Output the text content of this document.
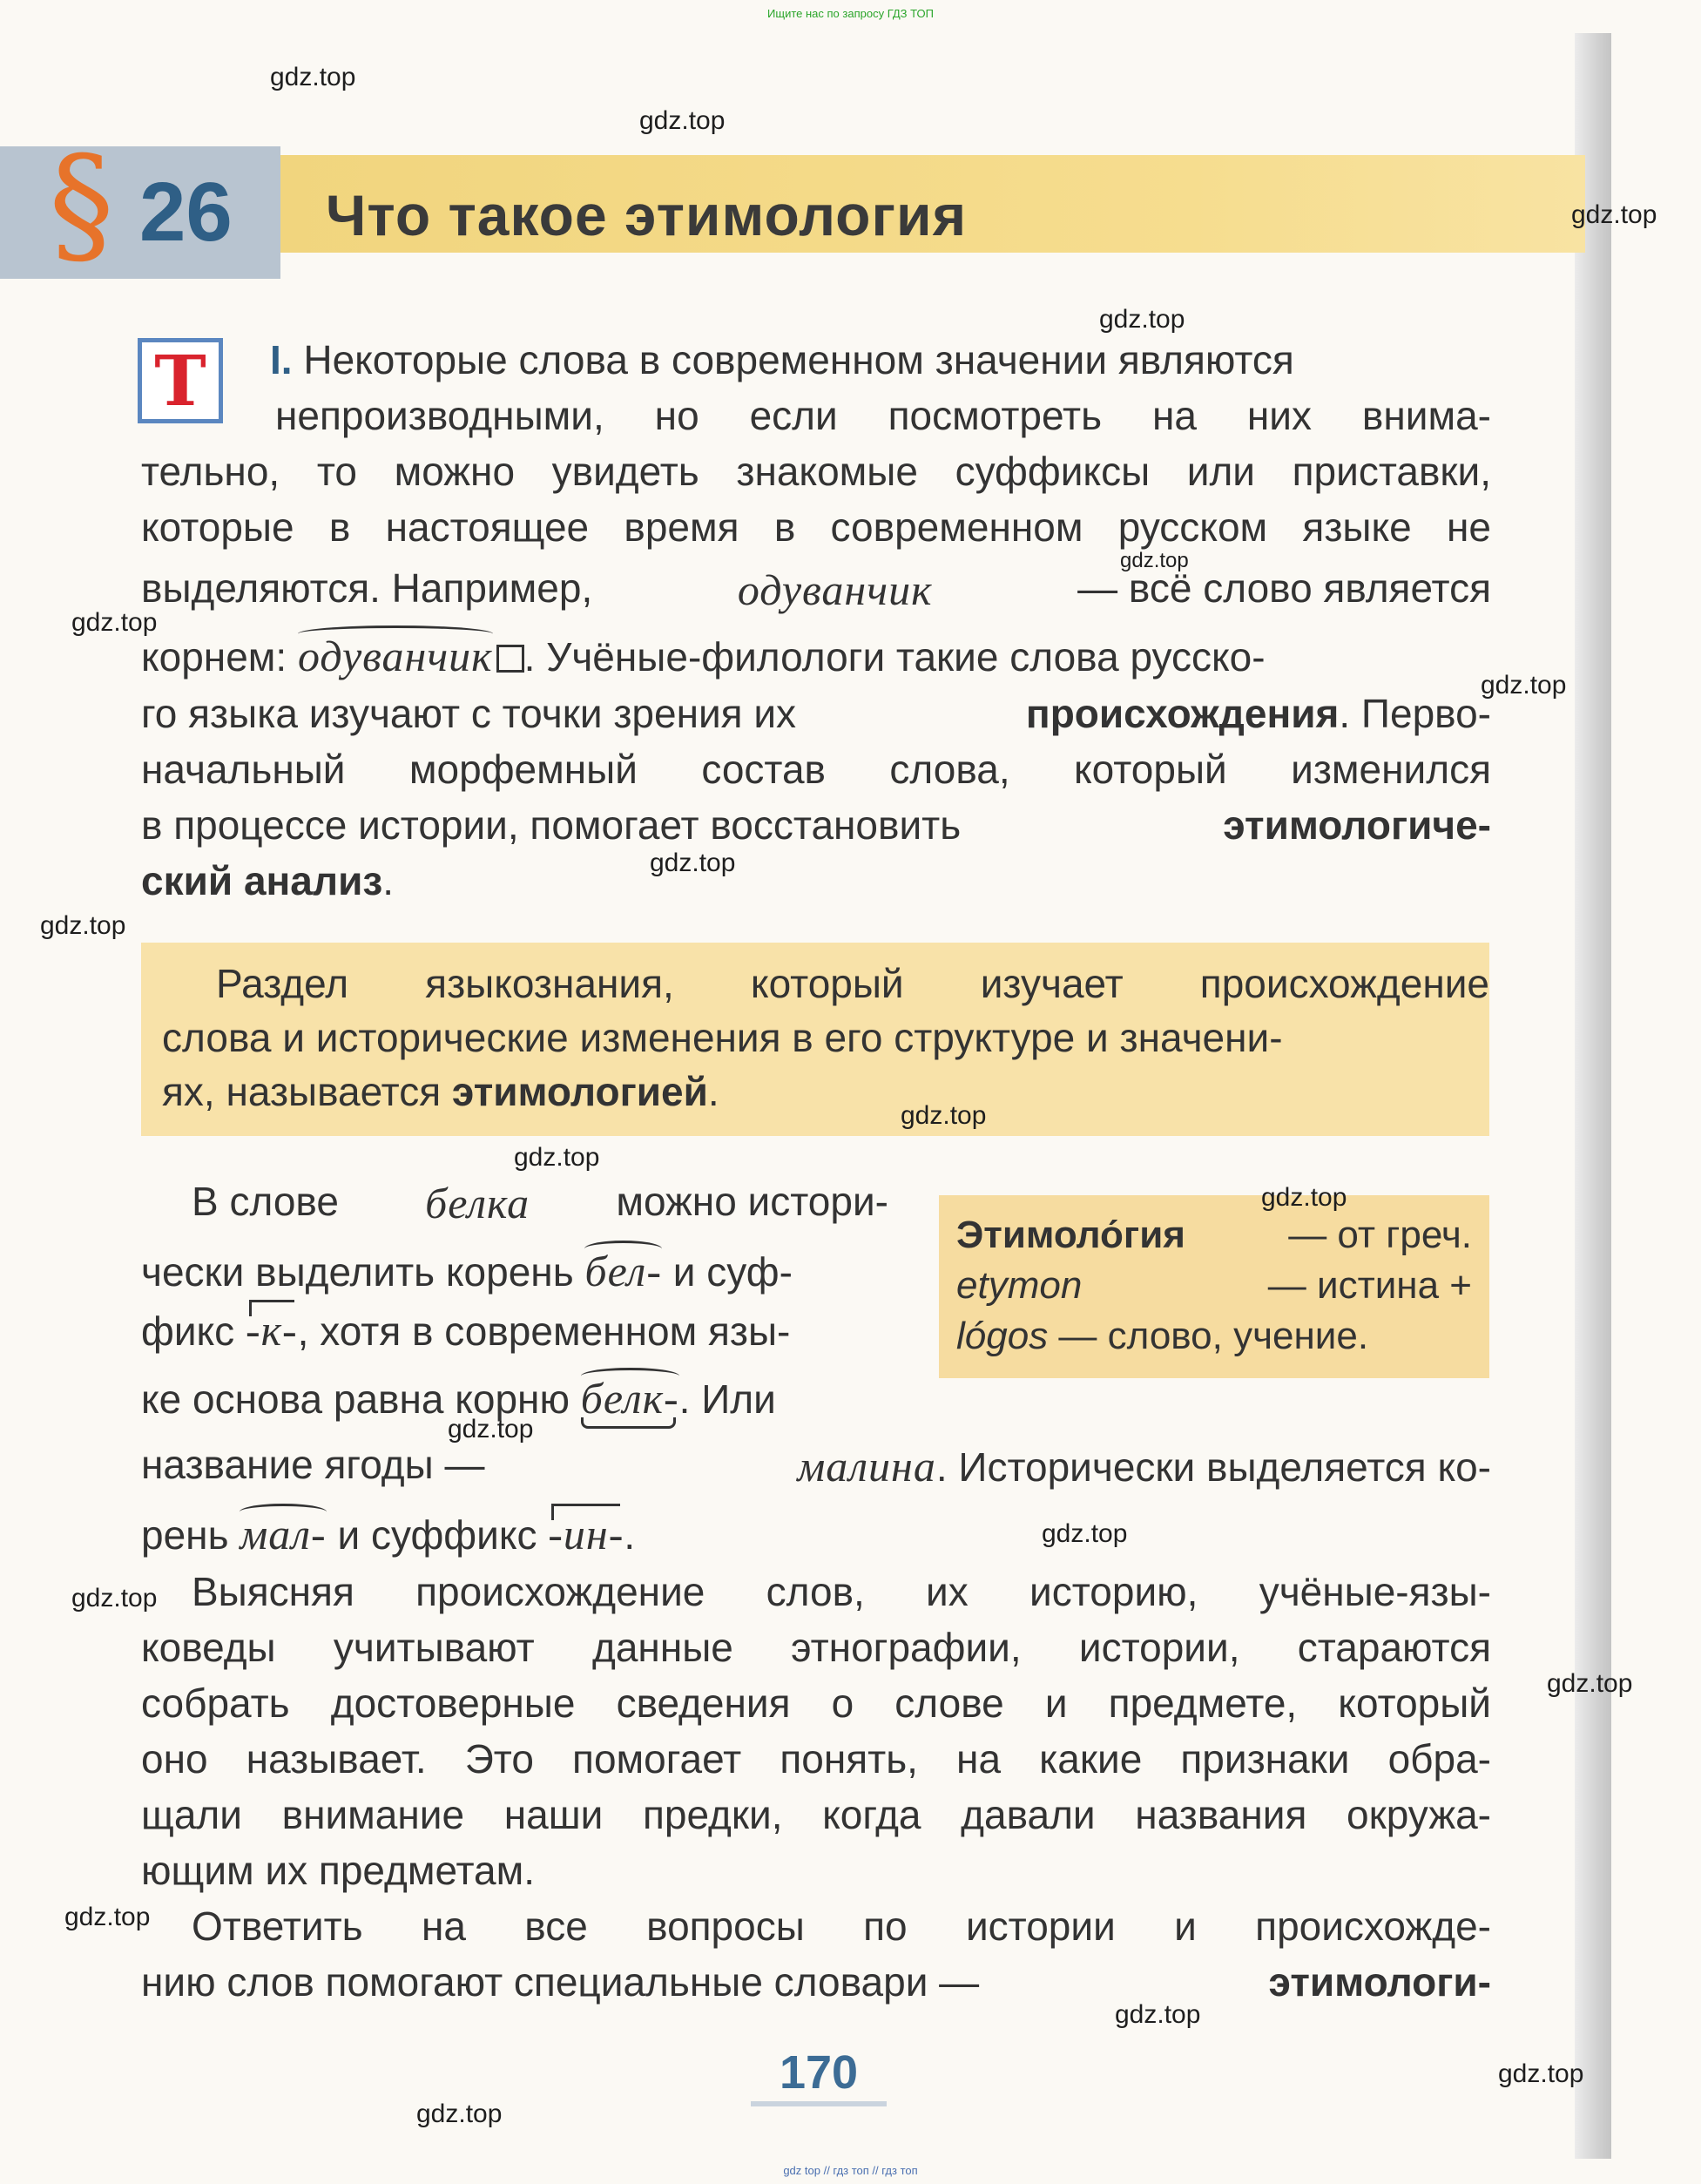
Ищите нас по запросу ГДЗ ТОП
§ 26 Что такое этимология
Т	I. Некоторые слова в современном значении являются
непроизводными, но если посмотреть на них внима-
тельно, то можно увидеть знакомые суффиксы или приставки,
которые в настоящее время в современном русском языке не
выделяются. Например,	одуванчик	— всё слово является
корнем: одуванчик . Учёные-филологи такие слова русско-
го языка изучают с точки зрения их	происхождения. Перво-
начальный морфемный состав слова, который изменился
в процессе истории, помогает восстановить	этимологиче-
ский анализ.
Раздел языкознания, который изучает происхождение
слова и исторические изменения в его структуре и значени-
ях, называется этимологией.
В слове белка можно истори-
чески выделить корень бел- и суф-
фикс -к-, хотя в современном язы-
ке основа равна корню белк-. Или
Этимоло́гия	— от греч.
etymon	— истина +
lógos — слово, учение.
название ягоды —	малина. Исторически выделяется ко-
рень мал- и суффикс -ин-.
Выясняя происхождение слов, их историю, учёные-язы-
коведы учитывают данные этнографии, истории, стараются
собрать достоверные сведения о слове и предмете, который
оно называет. Это помогает понять, на какие признаки обра-
щали внимание наши предки, когда давали названия окружа-
ющим их предметам.
Ответить на все вопросы по истории и происхожде-
нию слов помогают специальные словари —	этимологи-
170
gdz top // гдз топ // гдз топ
gdz.top
gdz.top
gdz.top
gdz.top
gdz.top
gdz.top
gdz.top
gdz.top
gdz.top
gdz.top
gdz.top
gdz.top
gdz.top
gdz.top
gdz.top
gdz.top
gdz.top
gdz.top
gdz.top
gdz.top
